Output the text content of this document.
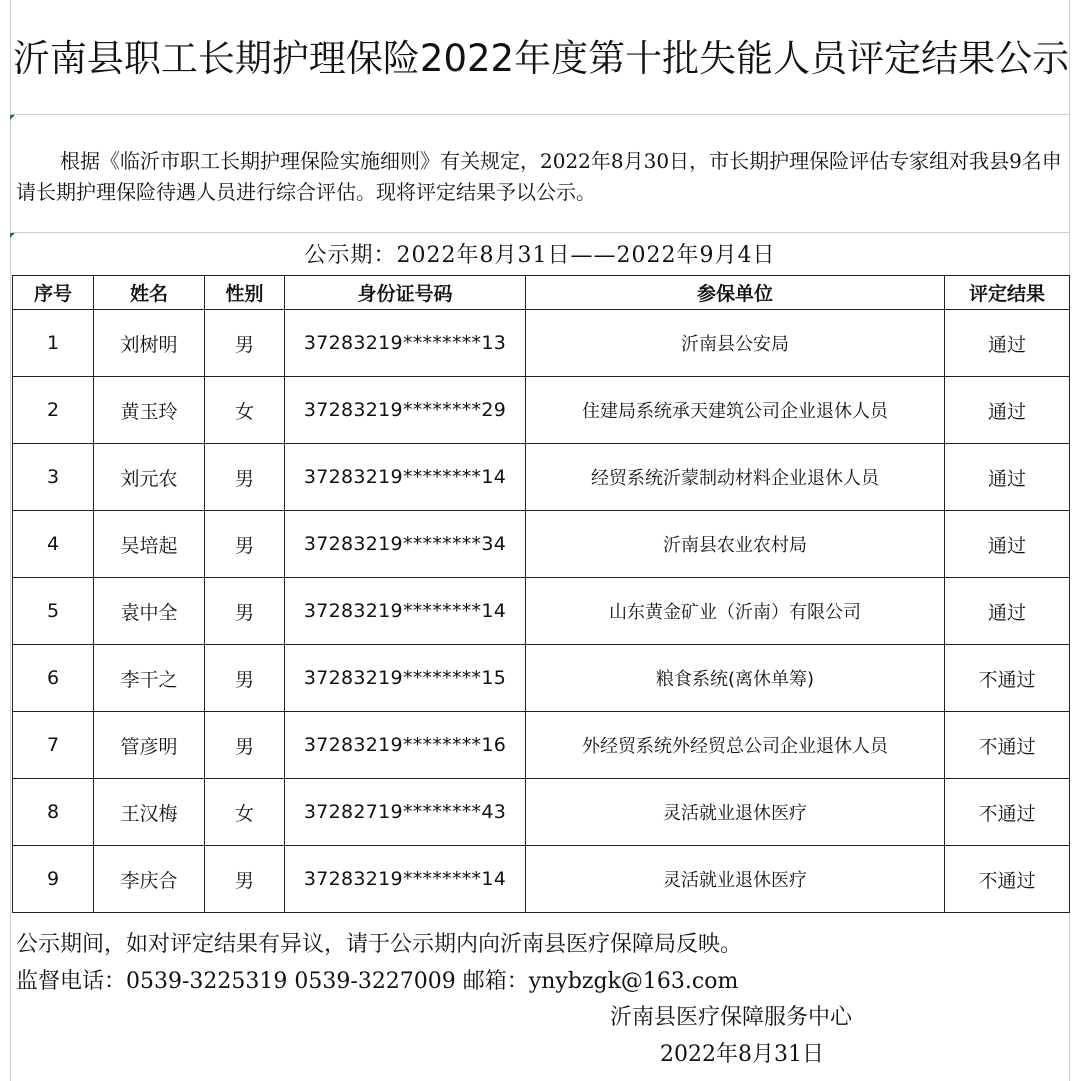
沂南县职工长期护理保险2022年度第十批失能人员评定结果公示

根据《临沂市职工长期护理保险实施细则》有关规定，2022年8月30日，市长期护理保险评估专家组对我县9名申请长期护理保险待遇人员进行综合评估。现将评定结果予以公示。

公示期：2022年8月31日——2022年9月4日
序号	姓名	性别	身份证号码	参保单位	评定结果
1	刘树明	男	37283219********13	沂南县公安局	通过
2	黄玉玲	女	37283219********29	住建局系统承天建筑公司企业退休人员	通过
3	刘元农	男	37283219********14	经贸系统沂蒙制动材料企业退休人员	通过
4	吴培起	男	37283219********34	沂南县农业农村局	通过
5	袁中全	男	37283219********14	山东黄金矿业（沂南）有限公司	通过
6	李干之	男	37283219********15	粮食系统(离休单筹)	不通过
7	管彦明	男	37283219********16	外经贸系统外经贸总公司企业退休人员	不通过
8	王汉梅	女	37282719********43	灵活就业退休医疗	不通过
9	李庆合	男	37283219********14	灵活就业退休医疗	不通过
公示期间，如对评定结果有异议，请于公示期内向沂南县医疗保障局反映。
监督电话：0539-3225319 0539-3227009 邮箱：ynybzgk@163.com
沂南县医疗保障服务中心
2022年8月31日
